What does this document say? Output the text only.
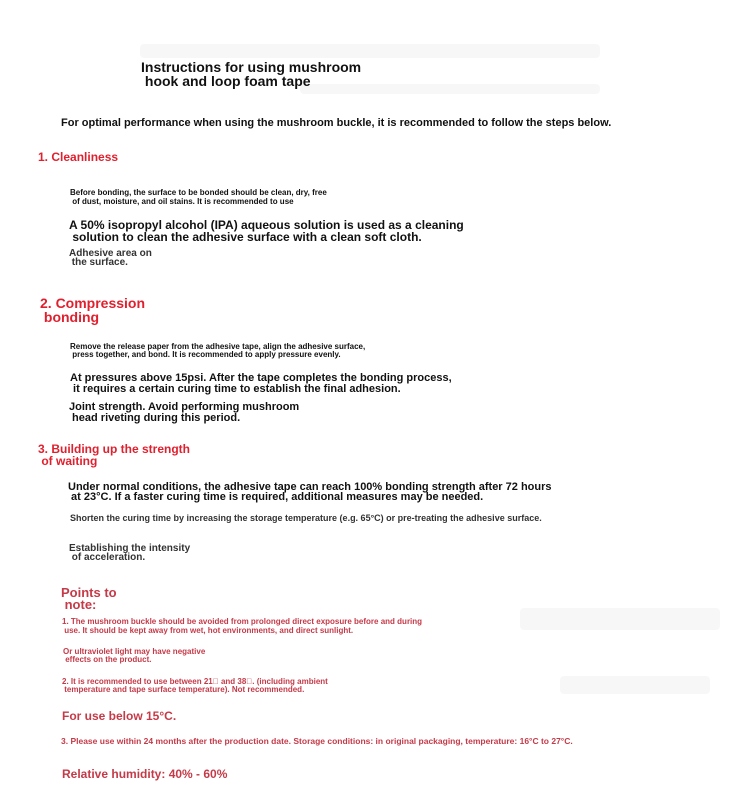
Instructions for using mushroom
hook and loop foam tape
For optimal performance when using the mushroom buckle, it is recommended to follow the steps below.
1. Cleanliness
Before bonding, the surface to be bonded should be clean, dry, free
of dust, moisture, and oil stains. It is recommended to use
A 50% isopropyl alcohol (IPA) aqueous solution is used as a cleaning
solution to clean the adhesive surface with a clean soft cloth.
Adhesive area on
the surface.
2. Compression
bonding
Remove the release paper from the adhesive tape, align the adhesive surface,
press together, and bond. It is recommended to apply pressure evenly.
At pressures above 15psi. After the tape completes the bonding process,
it requires a certain curing time to establish the final adhesion.
Joint strength. Avoid performing mushroom
head riveting during this period.
3. Building up the strength
of waiting
Under normal conditions, the adhesive tape can reach 100% bonding strength after 72 hours
at 23°C. If a faster curing time is required, additional measures may be needed.
Shorten the curing time by increasing the storage temperature (e.g. 65°C) or pre-treating the adhesive surface.
Establishing the intensity
of acceleration.
Points to
note:
1. The mushroom buckle should be avoided from prolonged direct exposure before and during
use. It should be kept away from wet, hot environments, and direct sunlight.
Or ultraviolet light may have negative
effects on the product.
2. It is recommended to use between 21  and 38 . (including ambient
temperature and tape surface temperature). Not recommended.
For use below 15°C.
3. Please use within 24 months after the production date. Storage conditions: in original packaging, temperature: 16°C to 27°C.
Relative humidity: 40% - 60%
